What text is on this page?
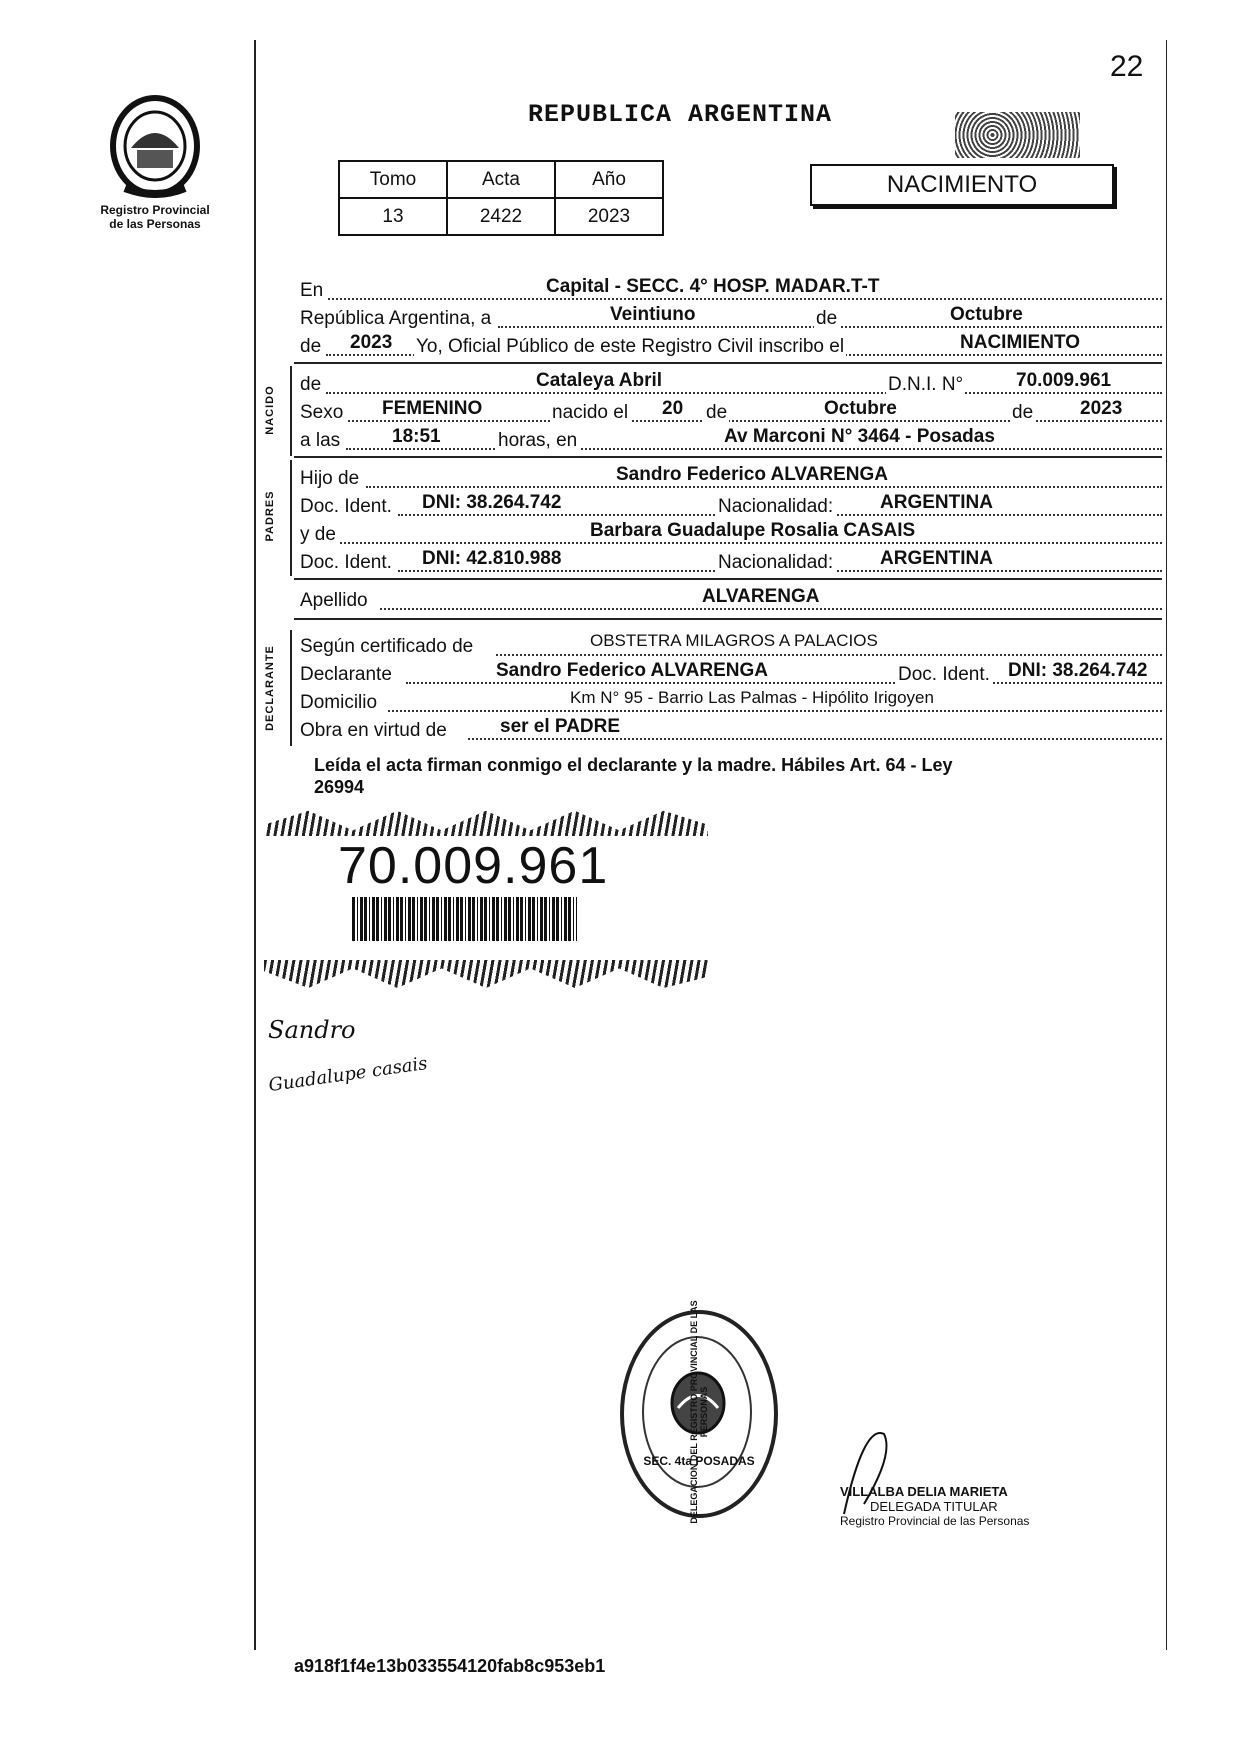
22
Registro Provincial
de las Personas
REPUBLICA ARGENTINA
Tomo	Acta	Año
13	2422	2023
NACIMIENTO
En	Capital - SECC. 4° HOSP. MADAR.T-T
República Argentina, a	Veintiuno	de	Octubre
de 2023 Yo, Oficial Público de este Registro Civil inscribo el	NACIMIENTO
NACIDO
de	Cataleya Abril	D.N.I. N°	70.009.961
Sexo FEMENINO	nacido el 20 de	Octubre	de 2023
a las	18:51	horas, en	Av Marconi N° 3464 - Posadas
PADRES
Hijo de	Sandro Federico ALVARENGA
Doc. Ident. DNI: 38.264.742	Nacionalidad: ARGENTINA
y de	Barbara Guadalupe Rosalia CASAIS
Doc. Ident. DNI: 42.810.988	Nacionalidad: ARGENTINA
Apellido	ALVARENGA
DECLARANTE Según certificado de	OBSTETRA MILAGROS A PALACIOS
Declarante	Sandro Federico ALVARENGA	Doc. Ident. DNI: 38.264.742
Domicilio	Km N° 95 - Barrio Las Palmas - Hipólito Irigoyen
Obra en virtud de	ser el PADRE
Leída el acta firman conmigo el declarante y la madre. Hábiles Art. 64 - Ley
26994
70.009.961
Sandro
Guadalupe casais
DELEGACION DEL REGISTRO PROVINCIAL DE LAS PERSONAS
SEC. 4ta POSADAS
VILLALBA DELIA MARIETA
DELEGADA TITULAR
Registro Provincial de las Personas
a918f1f4e13b033554120fab8c953eb1
